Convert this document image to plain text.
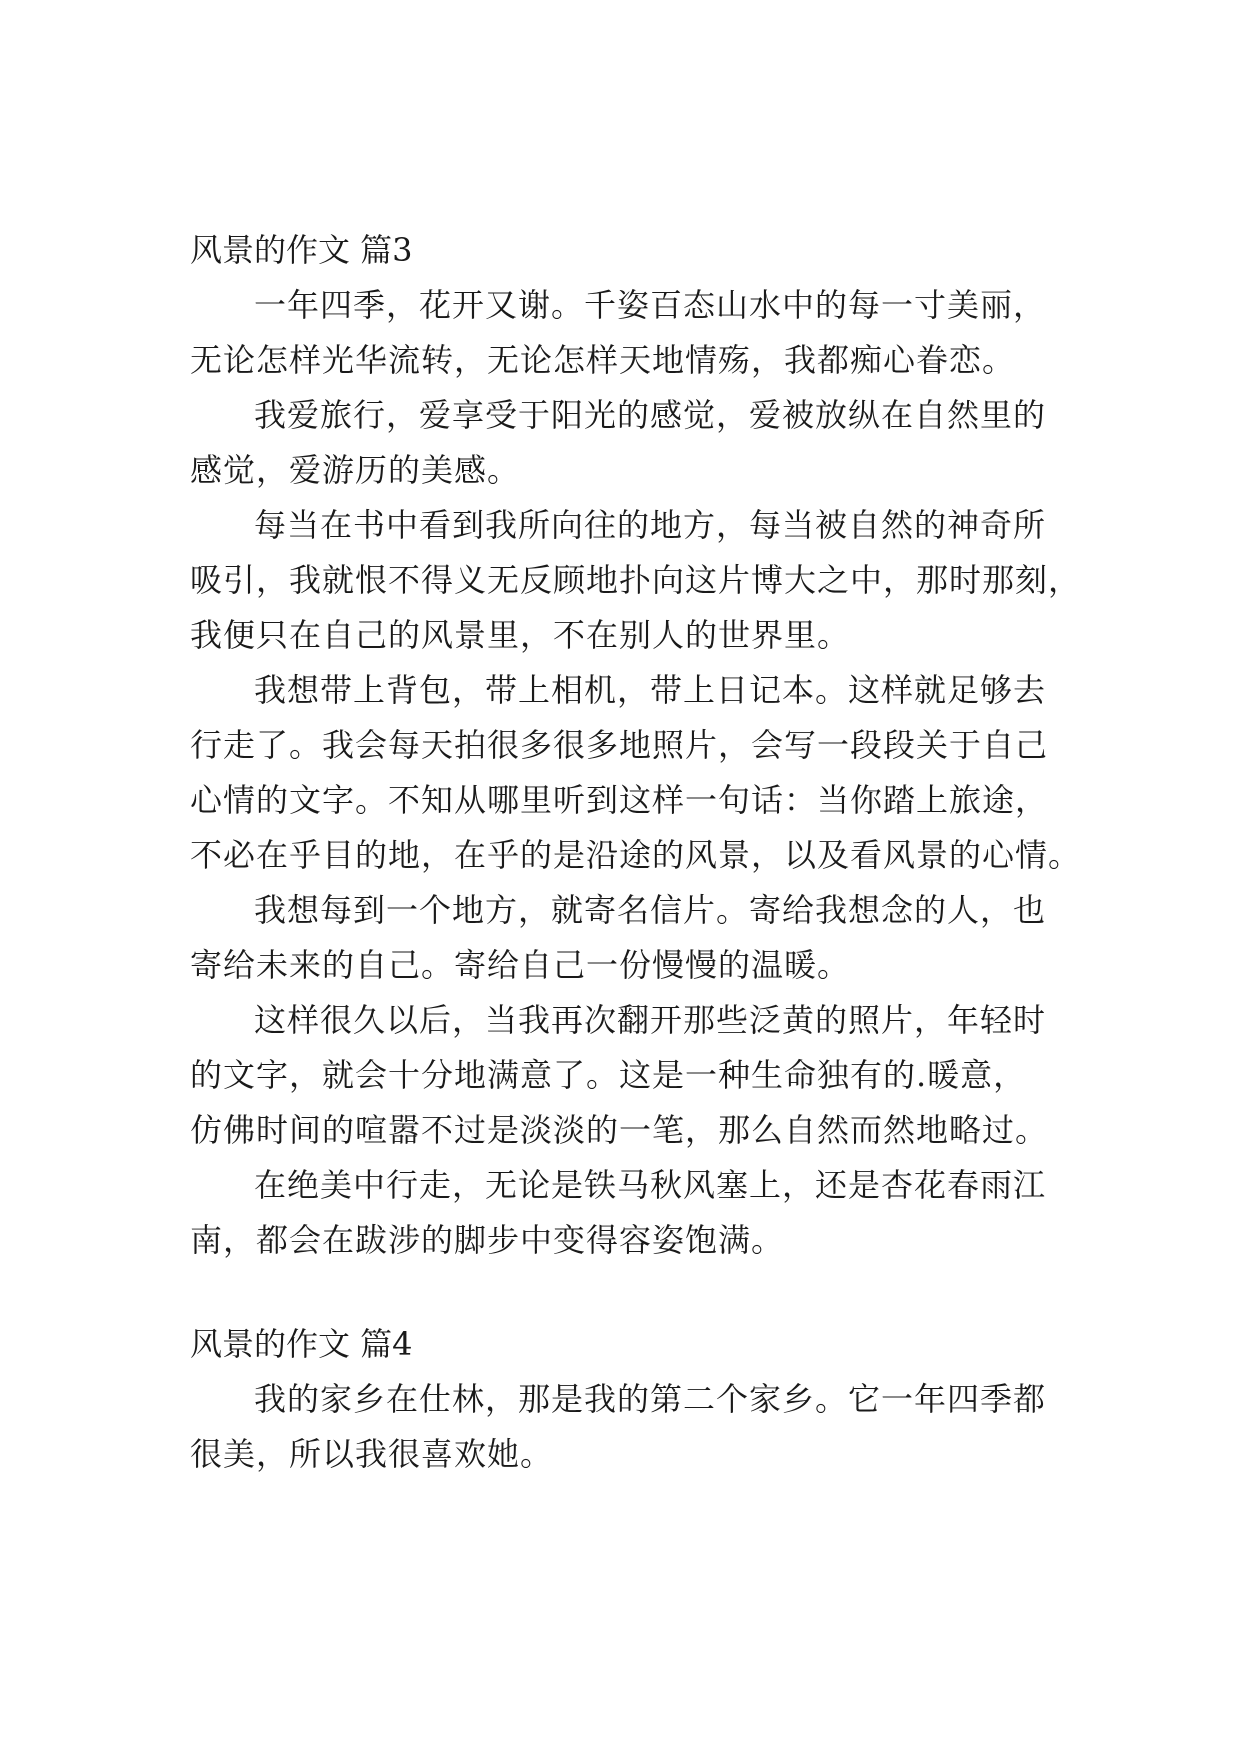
风景的作文 篇3
一年四季，花开又谢。千姿百态山水中的每一寸美丽，
无论怎样光华流转，无论怎样天地情殇，我都痴心眷恋。
我爱旅行，爱享受于阳光的感觉，爱被放纵在自然里的
感觉，爱游历的美感。
每当在书中看到我所向往的地方，每当被自然的神奇所
吸引，我就恨不得义无反顾地扑向这片博大之中，那时那刻，
我便只在自己的风景里，不在别人的世界里。
我想带上背包，带上相机，带上日记本。这样就足够去
行走了。我会每天拍很多很多地照片，会写一段段关于自己
心情的文字。不知从哪里听到这样一句话：当你踏上旅途，
不必在乎目的地，在乎的是沿途的风景，以及看风景的心情。
我想每到一个地方，就寄名信片。寄给我想念的人，也
寄给未来的自己。寄给自己一份慢慢的温暖。
这样很久以后，当我再次翻开那些泛黄的照片，年轻时
的文字，就会十分地满意了。这是一种生命独有的.暖意，
仿佛时间的喧嚣不过是淡淡的一笔，那么自然而然地略过。
在绝美中行走，无论是铁马秋风塞上，还是杏花春雨江
南，都会在跋涉的脚步中变得容姿饱满。
风景的作文 篇4
我的家乡在仕林，那是我的第二个家乡。它一年四季都
很美，所以我很喜欢她。
